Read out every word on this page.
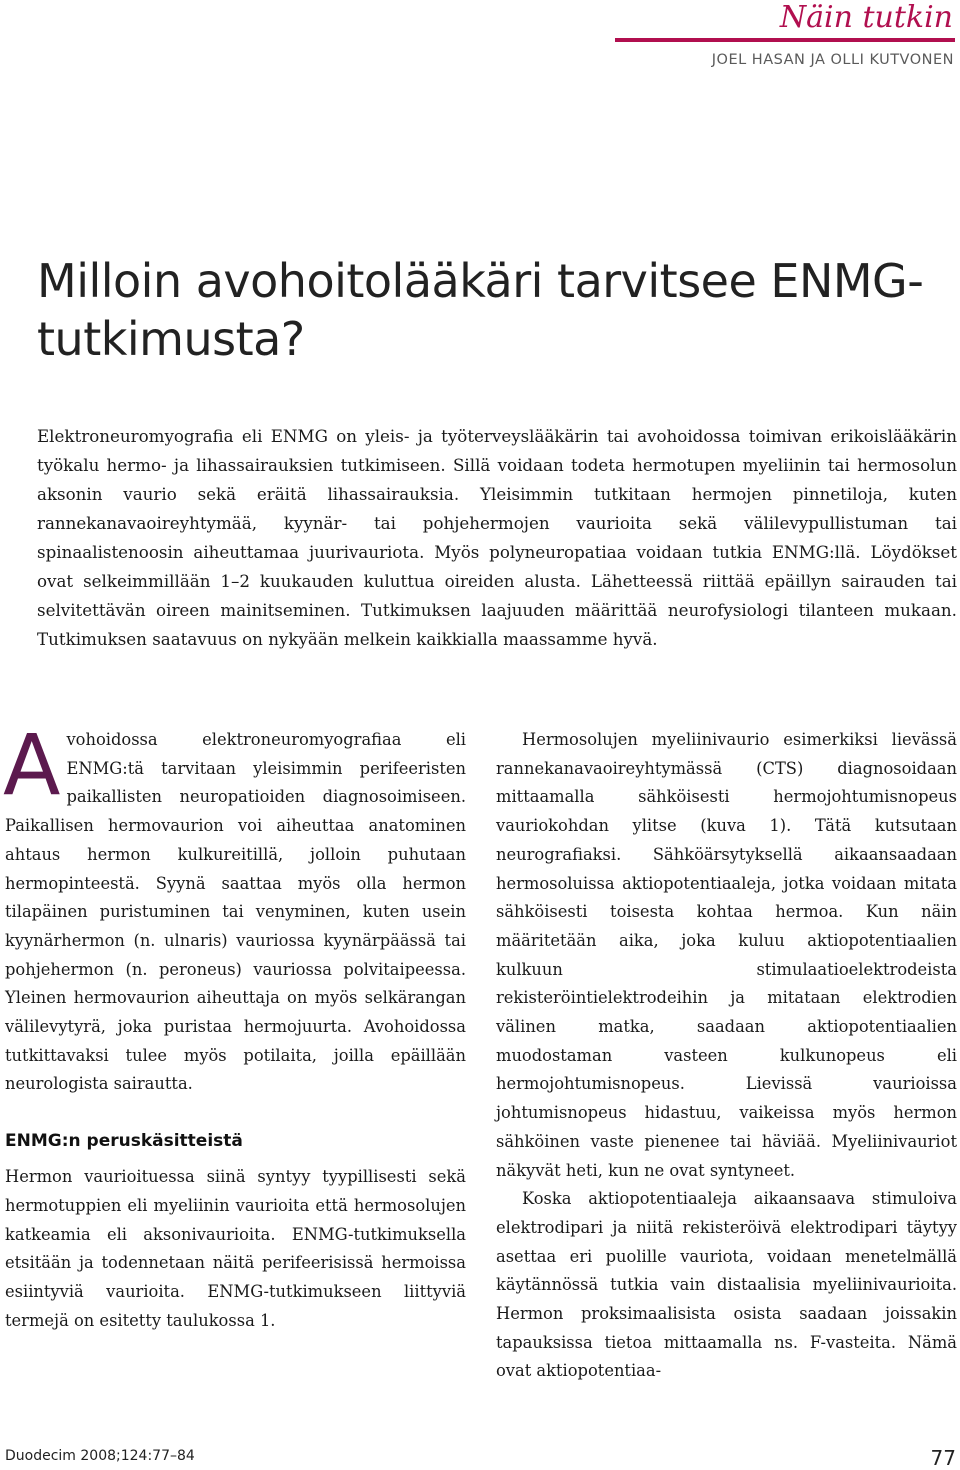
Näin tutkin
JOEL HASAN JA OLLI KUTVONEN
Milloin avohoitolääkäri tarvitsee ENMG-tutkimusta?

Elektroneuromyografia eli ENMG on yleis- ja työterveyslääkärin tai avohoidossa toimivan erikoislääkärin työkalu hermo- ja lihassairauksien tutkimiseen. Sillä voidaan todeta hermotupen myeliinin tai hermosolun aksonin vaurio sekä eräitä lihassairauksia. Yleisimmin tutkitaan hermojen pinnetiloja, kuten rannekanavaoireyhtymää, kyynär- tai pohjehermojen vaurioita sekä välilevypullistuman tai spinaalistenoosin aiheuttamaa juurivauriota. Myös polyneuropatiaa voidaan tutkia ENMG:llä. Löydökset ovat selkeimmillään 1–2 kuukauden kuluttua oireiden alusta. Lähetteessä riittää epäillyn sairauden tai selvitettävän oireen mainitseminen. Tutkimuksen laajuuden määrittää neurofysiologi tilanteen mukaan. Tutkimuksen saatavuus on nykyään melkein kaikkialla maassamme hyvä.

Avohoidossa elektroneuromyografiaa eli ENMG:tä tarvitaan yleisimmin perifeeristen paikallisten neuropatioiden diagnosoimiseen. Paikallisen hermovaurion voi aiheuttaa anatominen ahtaus hermon kulkureitillä, jolloin puhutaan hermopinteestä. Syynä saattaa myös olla hermon tilapäinen puristuminen tai venyminen, kuten usein kyynärhermon (n. ulnaris) vauriossa kyynärpäässä tai pohjehermon (n. peroneus) vauriossa polvitaipeessa. Yleinen hermovaurion aiheuttaja on myös selkärangan välilevytyrä, joka puristaa hermojuurta. Avohoidossa tutkittavaksi tulee myös potilaita, joilla epäillään neurologista sairautta.

ENMG:n peruskäsitteistä

Hermon vaurioituessa siinä syntyy tyypillisesti sekä hermotuppien eli myeliinin vaurioita että hermosolujen katkeamia eli aksonivaurioita. ENMG-tutkimuksella etsitään ja todennetaan näitä perifeerisissä hermoissa esiintyviä vaurioita. ENMG-tutkimukseen liittyviä termejä on esitetty taulukossa 1.

Hermosolujen myeliinivaurio esimerkiksi lievässä rannekanavaoireyhtymässä (CTS) diagnosoidaan mittaamalla sähköisesti hermojohtumisnopeus vauriokohdan ylitse (kuva 1). Tätä kutsutaan neurografiaksi. Sähköärsytyksellä aikaansaadaan hermosoluissa aktiopotentiaaleja, jotka voidaan mitata sähköisesti toisesta kohtaa hermoa. Kun näin määritetään aika, joka kuluu aktiopotentiaalien kulkuun stimulaatioelektrodeista rekisteröintielektrodeihin ja mitataan elektrodien välinen matka, saadaan aktiopotentiaalien muodostaman vasteen kulkunopeus eli hermojohtumisnopeus. Lievissä vaurioissa johtumisnopeus hidastuu, vaikeissa myös hermon sähköinen vaste pienenee tai häviää. Myeliinivauriot näkyvät heti, kun ne ovat syntyneet.

Koska aktiopotentiaaleja aikaansaava stimuloiva elektrodipari ja niitä rekisteröivä elektrodipari täytyy asettaa eri puolille vauriota, voidaan menetelmällä käytännössä tutkia vain distaalisia myeliinivaurioita. Hermon proksimaalisista osista saadaan joissakin tapauksissa tietoa mittaamalla ns. F-vasteita. Nämä ovat aktiopotentiaa-

Duodecim 2008;124:77–84	77
